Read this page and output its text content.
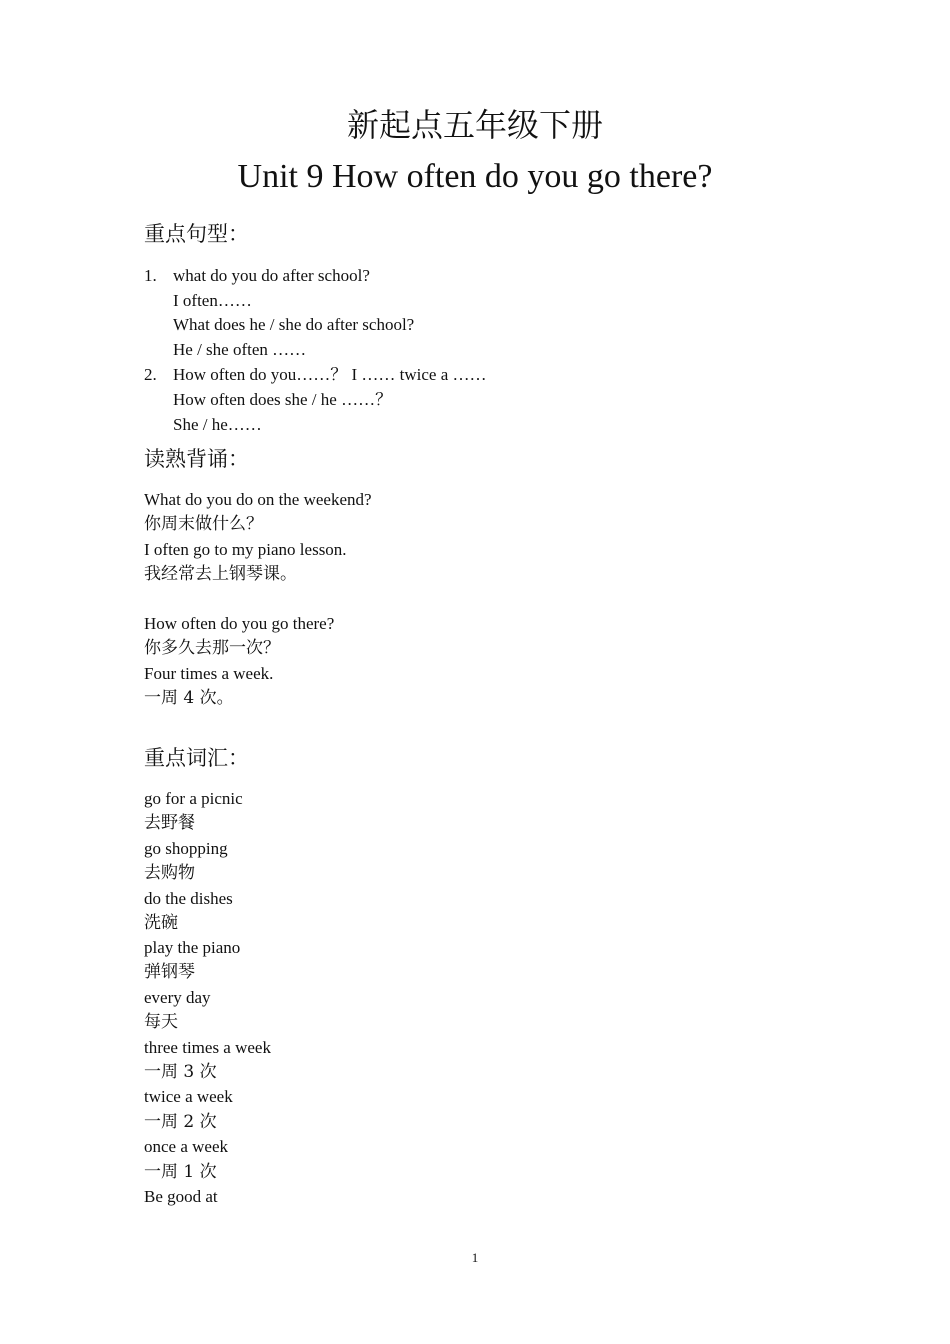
新起点五年级下册
Unit 9 How often do you go there?
重点句型：
1. what do you do after school?
I often……
What does he / she do after school?
He / she often ……
2. How often do you……？ I …… twice a ……
How often does she / he ……？
She / he……
读熟背诵：
What do you do on the weekend?
你周末做什么？
I often go to my piano lesson.
我经常去上钢琴课。
How often do you go there?
你多久去那一次？
Four times a week.
一周 4 次。
重点词汇：
go for a picnic
去野餐
go shopping
去购物
do the dishes
洗碗
play the piano
弹钢琴
every day
每天
three times a week
一周 3 次
twice a week
一周 2 次
once a week
一周 1 次
Be good at
1
